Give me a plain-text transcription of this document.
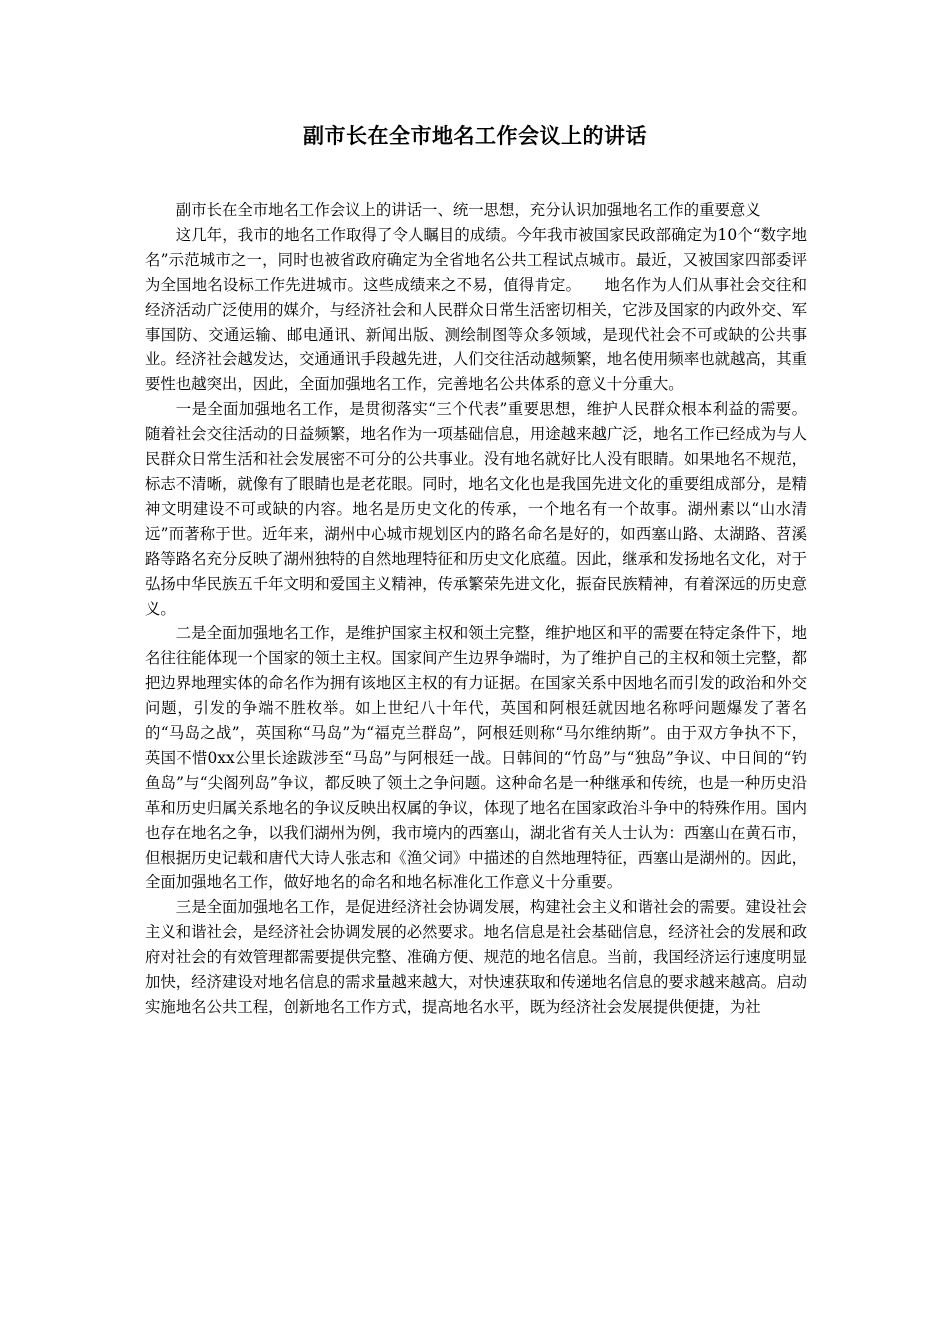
副市长在全市地名工作会议上的讲话

副市长在全市地名工作会议上的讲话一、统一思想，充分认识加强地名工作的重要意义

这几年，我市的地名工作取得了令人瞩目的成绩。今年我市被国家民政部确定为10个“数字地名”示范城市之一，同时也被省政府确定为全省地名公共工程试点城市。最近，又被国家四部委评为全国地名设标工作先进城市。这些成绩来之不易，值得肯定。　　地名作为人们从事社会交往和经济活动广泛使用的媒介，与经济社会和人民群众日常生活密切相关，它涉及国家的内政外交、军事国防、交通运输、邮电通讯、新闻出版、测绘制图等众多领域，是现代社会不可或缺的公共事业。经济社会越发达，交通通讯手段越先进，人们交往活动越频繁，地名使用频率也就越高，其重要性也越突出，因此，全面加强地名工作，完善地名公共体系的意义十分重大。

一是全面加强地名工作，是贯彻落实“三个代表”重要思想，维护人民群众根本利益的需要。随着社会交往活动的日益频繁，地名作为一项基础信息，用途越来越广泛，地名工作已经成为与人民群众日常生活和社会发展密不可分的公共事业。没有地名就好比人没有眼睛。如果地名不规范，标志不清晰，就像有了眼睛也是老花眼。同时，地名文化也是我国先进文化的重要组成部分，是精神文明建设不可或缺的内容。地名是历史文化的传承，一个地名有一个故事。湖州素以“山水清远”而著称于世。近年来，湖州中心城市规划区内的路名命名是好的，如西塞山路、太湖路、苕溪路等路名充分反映了湖州独特的自然地理特征和历史文化底蕴。因此，继承和发扬地名文化，对于弘扬中华民族五千年文明和爱国主义精神，传承繁荣先进文化，振奋民族精神，有着深远的历史意义。

二是全面加强地名工作，是维护国家主权和领土完整，维护地区和平的需要在特定条件下，地名往往能体现一个国家的领土主权。国家间产生边界争端时，为了维护自己的主权和领土完整，都把边界地理实体的命名作为拥有该地区主权的有力证据。在国家关系中因地名而引发的政治和外交问题，引发的争端不胜枚举。如上世纪八十年代，英国和阿根廷就因地名称呼问题爆发了著名的“马岛之战”，英国称“马岛”为“福克兰群岛”，阿根廷则称“马尔维纳斯”。由于双方争执不下，英国不惜0xx公里长途跋涉至“马岛”与阿根廷一战。日韩间的“竹岛”与“独岛”争议、中日间的“钓鱼岛”与“尖阁列岛”争议，都反映了领土之争问题。这种命名是一种继承和传统，也是一种历史沿革和历史归属关系地名的争议反映出权属的争议，体现了地名在国家政治斗争中的特殊作用。国内也存在地名之争，以我们湖州为例，我市境内的西塞山，湖北省有关人士认为：西塞山在黄石市，但根据历史记载和唐代大诗人张志和《渔父词》中描述的自然地理特征，西塞山是湖州的。因此，全面加强地名工作，做好地名的命名和地名标准化工作意义十分重要。

三是全面加强地名工作，是促进经济社会协调发展，构建社会主义和谐社会的需要。建设社会主义和谐社会，是经济社会协调发展的必然要求。地名信息是社会基础信息，经济社会的发展和政府对社会的有效管理都需要提供完整、准确方便、规范的地名信息。当前，我国经济运行速度明显加快，经济建设对地名信息的需求量越来越大，对快速获取和传递地名信息的要求越来越高。启动实施地名公共工程，创新地名工作方式，提高地名水平，既为经济社会发展提供便捷，为社
